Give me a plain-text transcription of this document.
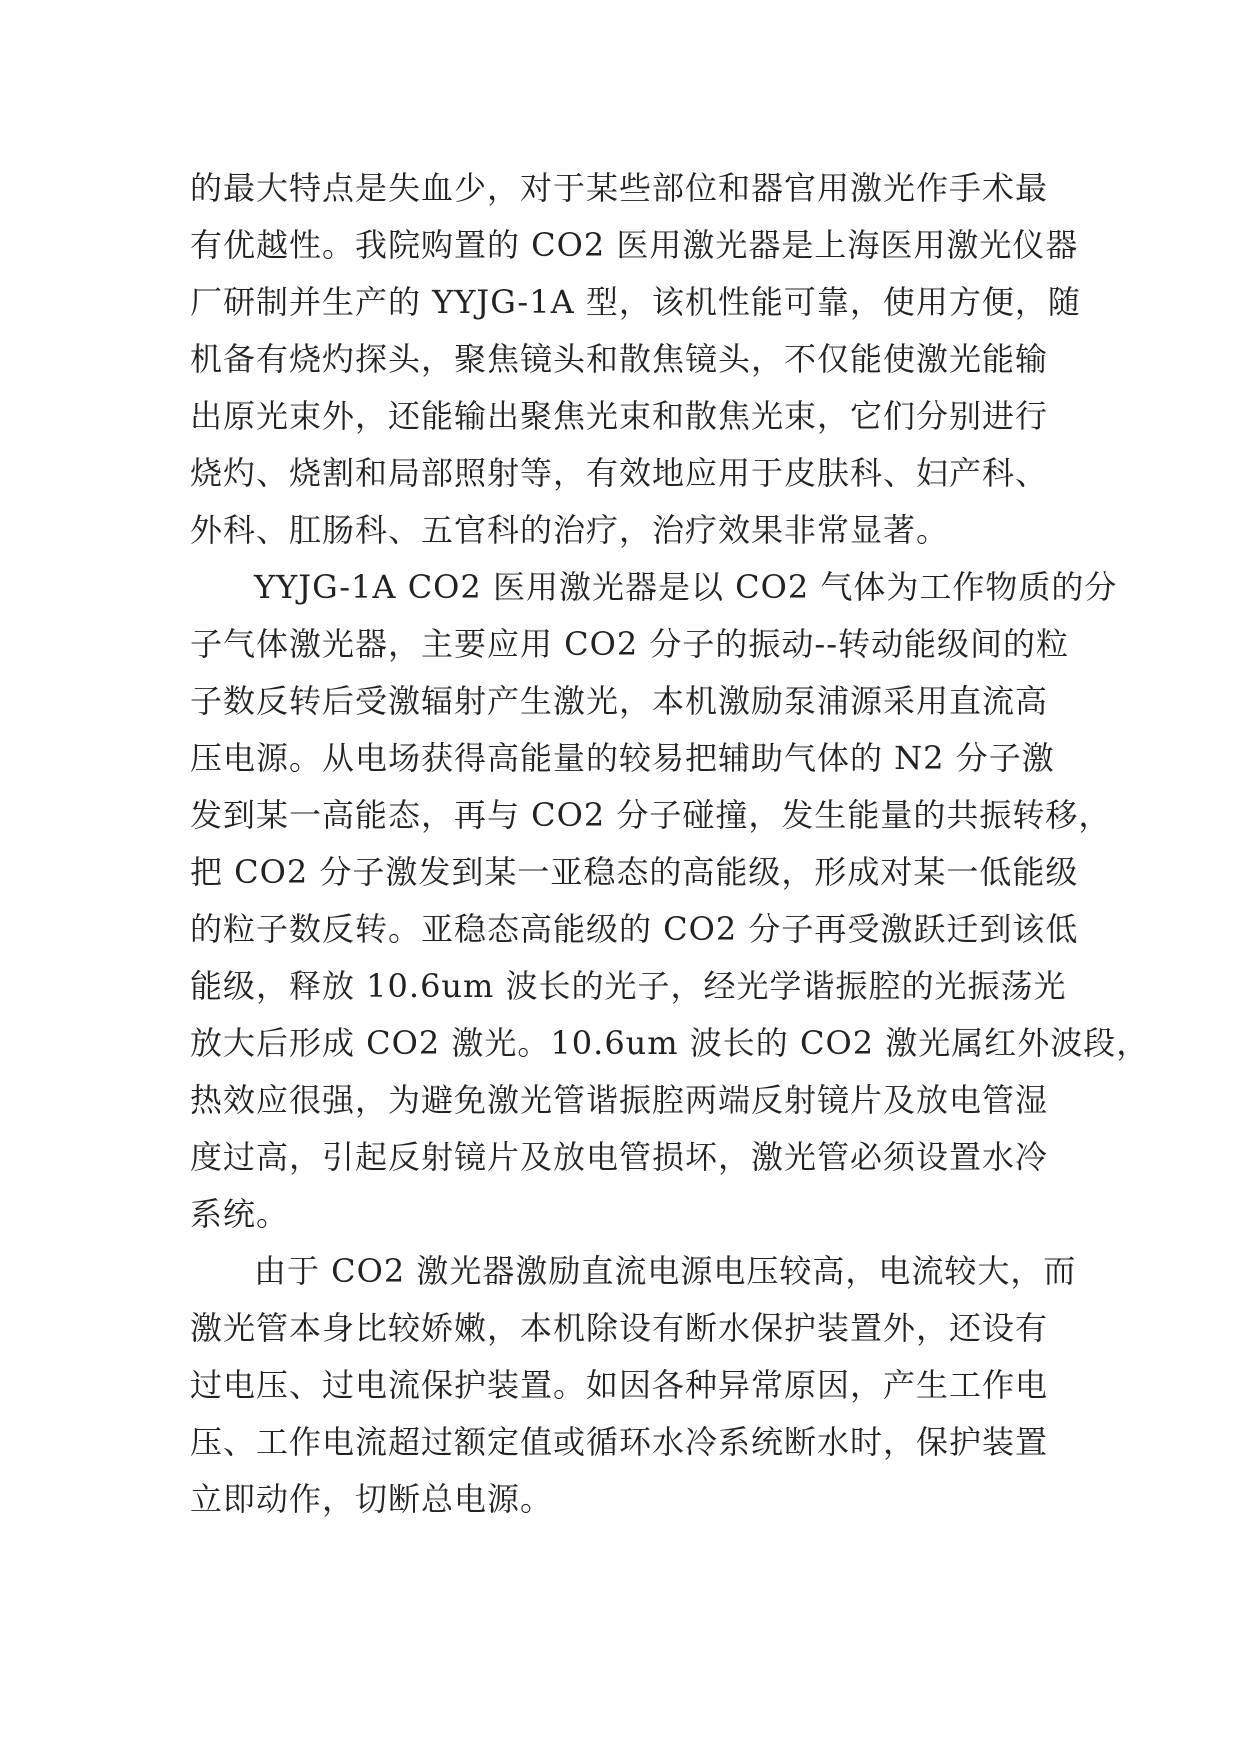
的最大特点是失血少，对于某些部位和器官用激光作手术最
有优越性。我院购置的 CO2 医用激光器是上海医用激光仪器
厂研制并生产的 YYJG-1A 型，该机性能可靠，使用方便，随
机备有烧灼探头，聚焦镜头和散焦镜头，不仅能使激光能输
出原光束外，还能输出聚焦光束和散焦光束，它们分别进行
烧灼、烧割和局部照射等，有效地应用于皮肤科、妇产科、
外科、肛肠科、五官科的治疗，治疗效果非常显著。
YYJG-1A CO2 医用激光器是以 CO2 气体为工作物质的分
子气体激光器，主要应用 CO2 分子的振动--转动能级间的粒
子数反转后受激辐射产生激光，本机激励泵浦源采用直流高
压电源。从电场获得高能量的较易把辅助气体的 N2 分子激
发到某一高能态，再与 CO2 分子碰撞，发生能量的共振转移，
把 CO2 分子激发到某一亚稳态的高能级，形成对某一低能级
的粒子数反转。亚稳态高能级的 CO2 分子再受激跃迁到该低
能级，释放 10.6um 波长的光子，经光学谐振腔的光振荡光
放大后形成 CO2 激光。10.6um 波长的 CO2 激光属红外波段，
热效应很强，为避免激光管谐振腔两端反射镜片及放电管湿
度过高，引起反射镜片及放电管损坏，激光管必须设置水冷
系统。
由于 CO2 激光器激励直流电源电压较高，电流较大，而
激光管本身比较娇嫩，本机除设有断水保护装置外，还设有
过电压、过电流保护装置。如因各种异常原因，产生工作电
压、工作电流超过额定值或循环水冷系统断水时，保护装置
立即动作，切断总电源。
